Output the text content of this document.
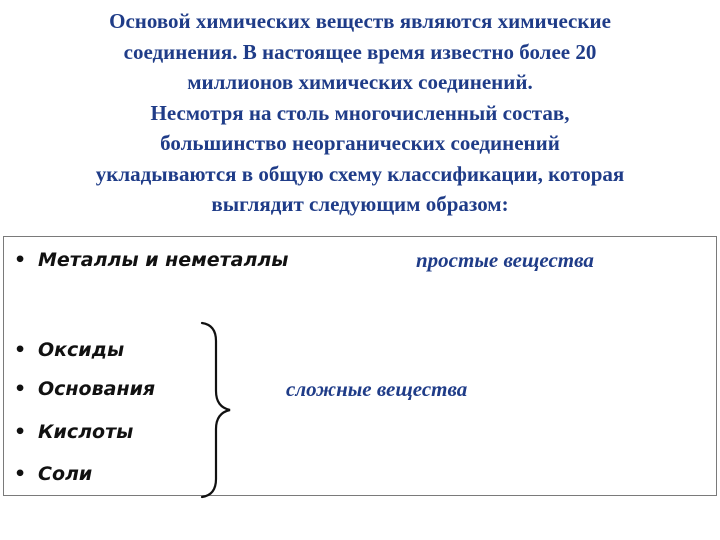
Основой химических веществ являются химические

соединения. В настоящее время известно более 20

миллионов химических соединений.

Несмотря на столь многочисленный состав,

большинство неорганических соединений

укладываются в общую схему классификации, которая

выглядит следующим образом:

• Металлы и неметаллы	простые вещества
• Оксиды
• Основания
• Кислоты
• Соли
сложные вещества
